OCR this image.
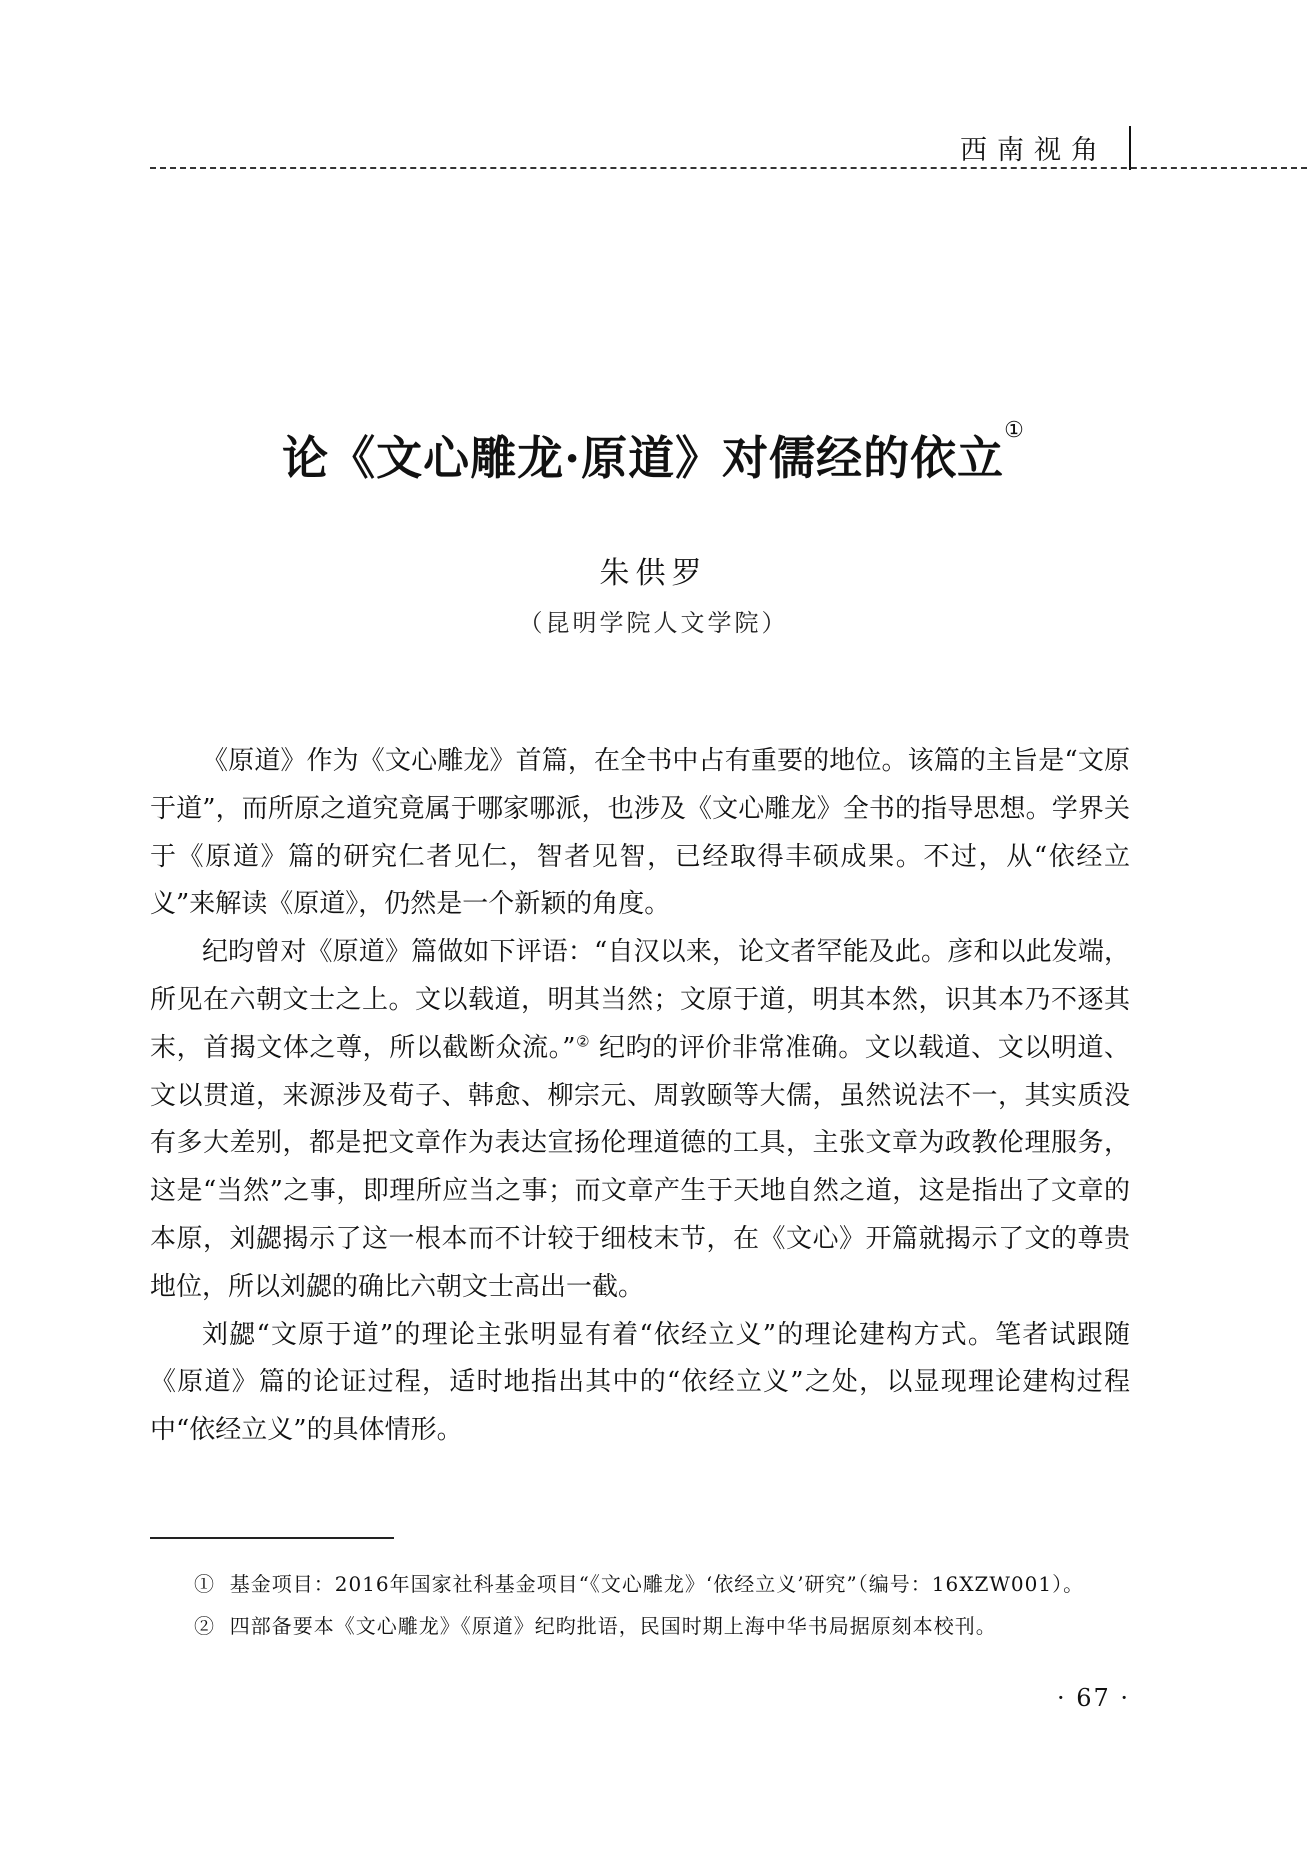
西南视角
论《文心雕龙·原道》对儒经的依立①
朱供罗
（昆明学院人文学院）

《原道》作为《文心雕龙》首篇，在全书中占有重要的地位。该篇的主旨是“文原于道”，而所原之道究竟属于哪家哪派，也涉及《文心雕龙》全书的指导思想。学界关于《原道》篇的研究仁者见仁，智者见智，已经取得丰硕成果。不过，从“依经立义”来解读《原道》，仍然是一个新颖的角度。

纪昀曾对《原道》篇做如下评语：“自汉以来，论文者罕能及此。彦和以此发端，所见在六朝文士之上。文以载道，明其当然；文原于道，明其本然，识其本乃不逐其末，首揭文体之尊，所以截断众流。”② 纪昀的评价非常准确。文以载道、文以明道、文以贯道，来源涉及荀子、韩愈、柳宗元、周敦颐等大儒，虽然说法不一，其实质没有多大差别，都是把文章作为表达宣扬伦理道德的工具，主张文章为政教伦理服务，这是“当然”之事，即理所应当之事；而文章产生于天地自然之道，这是指出了文章的本原，刘勰揭示了这一根本而不计较于细枝末节，在《文心》开篇就揭示了文的尊贵地位，所以刘勰的确比六朝文士高出一截。

刘勰“文原于道”的理论主张明显有着“依经立义”的理论建构方式。笔者试跟随《原道》篇的论证过程，适时地指出其中的“依经立义”之处，以显现理论建构过程中“依经立义”的具体情形。

① 基金项目：2016年国家社科基金项目“《文心雕龙》‘依经立义’研究”（编号：16XZW001）。

② 四部备要本《文心雕龙》《原道》纪昀批语，民国时期上海中华书局据原刻本校刊。

· 67 ·
